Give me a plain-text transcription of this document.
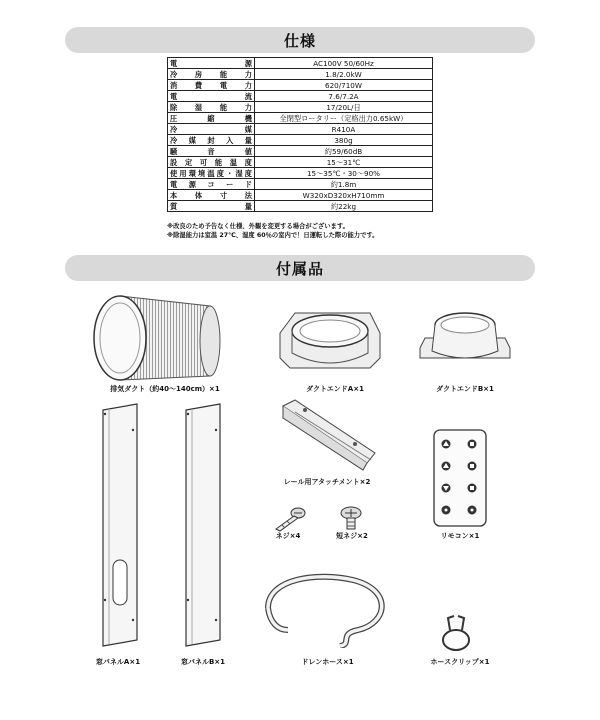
仕様
電源	AC100V 50/60Hz
冷房能力	1.8/2.0kW
消費電力	620/710W
電流	7.6/7.2A
除湿能力	17/20L/日
圧縮機	全閉型ロータリー（定格出力0.65kW）
冷媒	R410A
冷媒封入量	380g
騒音値	約59/60dB
設定可能温度	15～31℃
使用環境温度・湿度	15～35℃・30～90%
電源コード	約1.8m
本体寸法	W320xD320xH710mm
質量	約22kg
※改良のため予告なく仕様、外観を変更する場合がございます。
※除湿能力は室温 27℃、湿度 60％の室内で！日運転した際の能力です。
付属品
排気ダクト（約40～140cm）×1	ダクトエンドA×1	ダクトエンドB×1
レール用アタッチメント×2
ネジ×4	短ネジ×2	リモコン×1
窓パネルA×1	窓パネルB×1	ドレンホース×1	ホースクリップ×1
